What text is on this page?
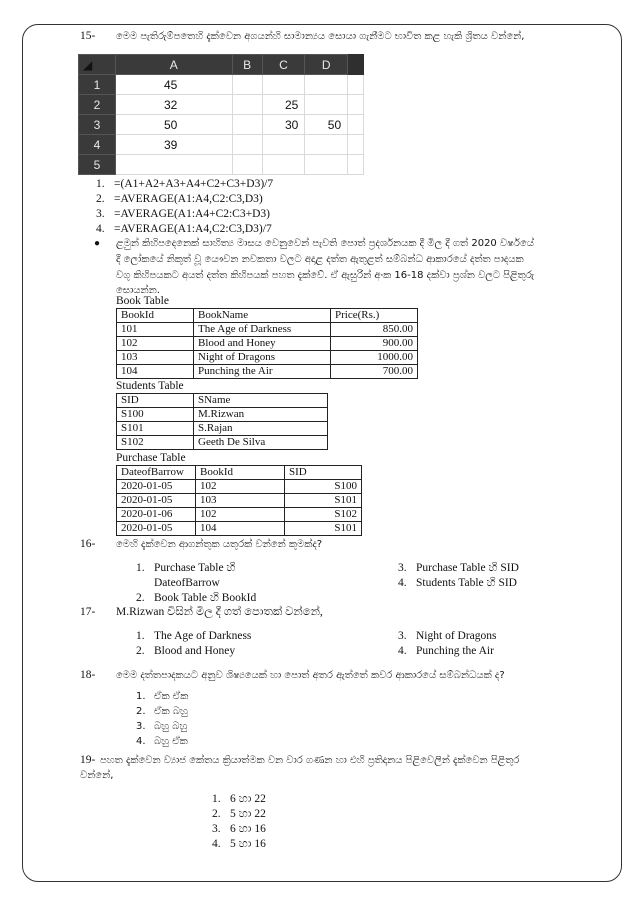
15- මෙම පැතිරුම්පතෙහි දැක්වෙන අගයන්හි සාමාන්‍යය සොයා ගැනීමට භාවිත කළ හැකි ශ්‍රිතය වන්නේ,
◢	A	B	C	D	
1	45				
2	32		25		
3	50		30	50	
4	39				
5					
1. =(A1+A2+A3+A4+C2+C3+D3)/7
2. =AVERAGE(A1:A4,C2:C3,D3)
3. =AVERAGE(A1:A4+C2:C3+D3)
4. =AVERAGE(A1:A4,C2:C3,D3)/7
● ළමුන් කිහිපදෙනෙක් සාහිත්‍ය මාසය වෙනුවෙන් පැවති පොත් ප්‍රදර්ශනයක දී මිල දී ගත් 2020 වර්ෂයේ
දී ලෝකයේ නිකුත් වූ යෞවන නවකතා වලට අදාළ දත්ත ඇතුළත් සම්බන්ධ ආකාරයේ දත්ත පාදයක
වගු කිහිපයකට අයත් දත්ත කිහිපයක් පහත දැක්වේ. ඒ ඇසුරින් අංක 16-18 දක්වා ප්‍රශ්න වලට පිළිතුරු
සොයන්න.
Book Table
BookId	BookName	Price(Rs.)
101	The Age of Darkness	850.00
102	Blood and Honey	900.00
103	Night of Dragons	1000.00
104	Punching the Air	700.00
Students Table
SID	SName
S100	M.Rizwan
S101	S.Rajan
S102	Geeth De Silva
Purchase Table
DateofBarrow	BookId	SID
2020-01-05	102	S100
2020-01-05	103	S101
2020-01-06	102	S102
2020-01-05	104	S101
16- මෙහි දැක්වෙන ආගන්තුක යතුරක් වන්නේ කුමක්ද?
1. Purchase Table හි
DateofBarrow
2. Book Table හි BookId
3. Purchase Table හි SID
4. Students Table හි SID
17- M.Rizwan විසින් මිල දී ගත් පොතක් වන්නේ,
1. The Age of Darkness
2. Blood and Honey
3. Night of Dragons
4. Punching the Air
18- මෙම දත්තපාදකයට අනුව ශිෂ්‍යයෙක් හා පොත් අතර ඇත්තේ කවර ආකාරයේ සම්බන්ධයක් ද?
1. ඒක ඒක
2. ඒක බහු
3. බහු බහු
4. බහු ඒක
19- පහත දැක්වෙන ව්‍යාජ කේතය ක්‍රියාත්මක වන වාර ගණන හා එහි ප්‍රතිදානය පිළිවෙලින් දැක්වෙන පිළිතුර
වන්නේ,
1. 6 හා 22
2. 5 හා 22
3. 6 හා 16
4. 5 හා 16
